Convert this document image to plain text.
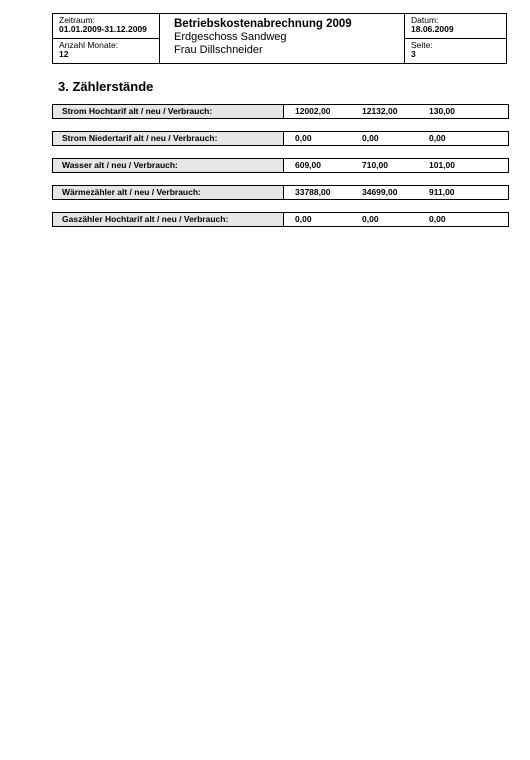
Zeitraum:
01.01.2009-31.12.2009
Anzahl Monate:
12
Betriebskostenabrechnung 2009
Erdgeschoss Sandweg
Frau Dillschneider
Datum:
18.06.2009
Seite:
3
3. Zählerstände
Strom Hochtarif alt / neu / Verbrauch:	12002,00	12132,00	130,00
Strom Niedertarif alt / neu / Verbrauch:	0,00	0,00	0,00
Wasser alt / neu / Verbrauch:	609,00	710,00	101,00
Wärmezähler alt / neu / Verbrauch:	33788,00	34699,00	911,00
Gaszähler Hochtarif alt / neu / Verbrauch:	0,00	0,00	0,00
